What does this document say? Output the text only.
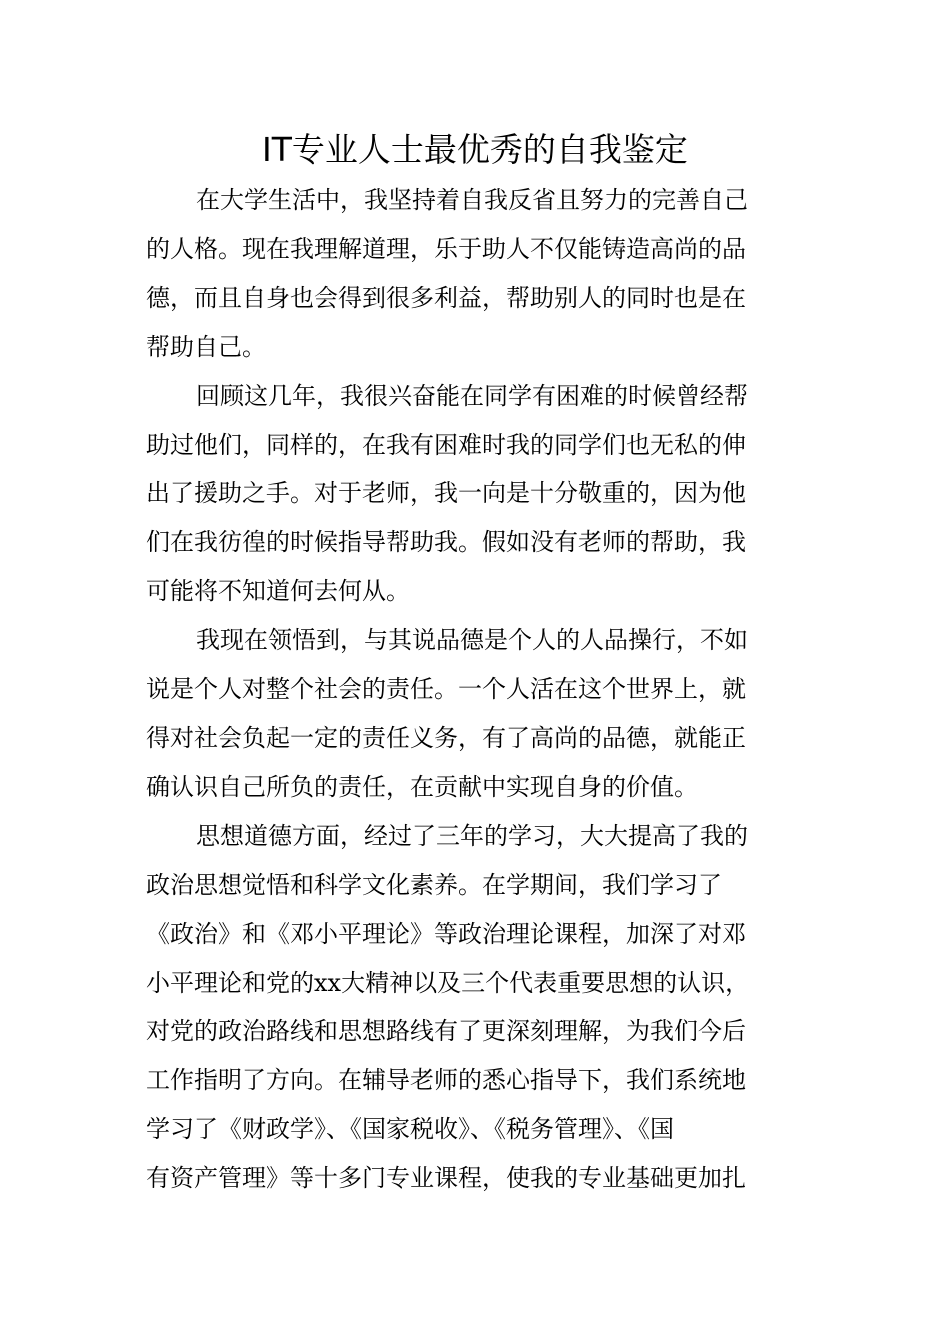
IT专业人士最优秀的自我鉴定

在大学生活中，我坚持着自我反省且努力的完善自己
的人格。现在我理解道理，乐于助人不仅能铸造高尚的品
德，而且自身也会得到很多利益，帮助别人的同时也是在
帮助自己。

回顾这几年，我很兴奋能在同学有困难的时候曾经帮
助过他们，同样的，在我有困难时我的同学们也无私的伸
出了援助之手。对于老师，我一向是十分敬重的，因为他
们在我彷徨的时候指导帮助我。假如没有老师的帮助，我
可能将不知道何去何从。

我现在领悟到，与其说品德是个人的人品操行，不如
说是个人对整个社会的责任。一个人活在这个世界上，就
得对社会负起一定的责任义务，有了高尚的品德，就能正
确认识自己所负的责任，在贡献中实现自身的价值。

思想道德方面，经过了三年的学习，大大提高了我的
政治思想觉悟和科学文化素养。在学期间，我们学习了
《政治》和《邓小平理论》等政治理论课程，加深了对邓
小平理论和党的xx大精神以及三个代表重要思想的认识，
对党的政治路线和思想路线有了更深刻理解，为我们今后
工作指明了方向。在辅导老师的悉心指导下，我们系统地
学习了《财政学》、《国家税收》、《税务管理》、《国
有资产管理》等十多门专业课程，使我的专业基础更加扎
